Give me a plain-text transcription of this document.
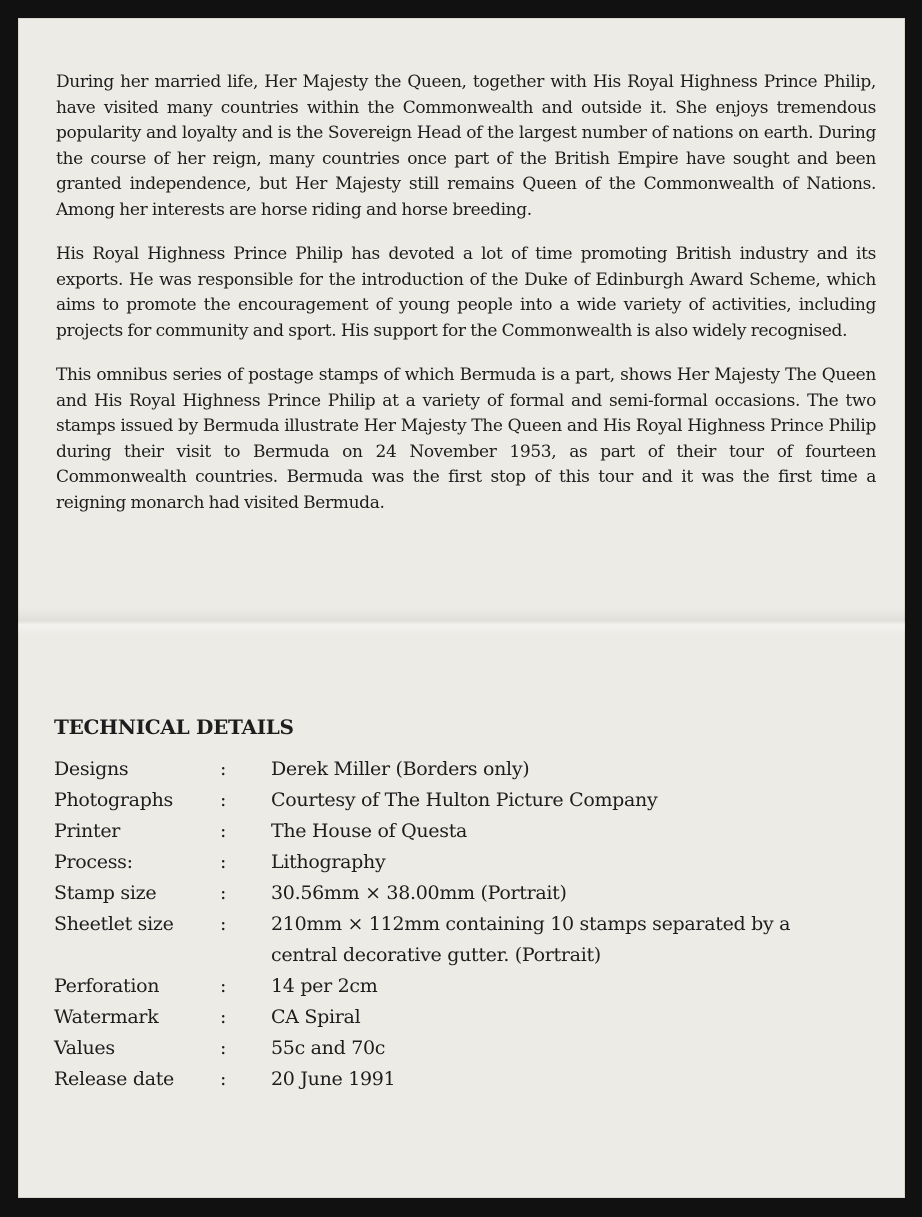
During her married life, Her Majesty the Queen, together with His Royal Highness Prince Philip, have visited many countries within the Commonwealth and outside it. She enjoys tremendous popularity and loyalty and is the Sovereign Head of the largest number of nations on earth. During the course of her reign, many countries once part of the British Empire have sought and been granted independence, but Her Majesty still remains Queen of the Commonwealth of Nations. Among her interests are horse riding and horse breeding.

His Royal Highness Prince Philip has devoted a lot of time promoting British industry and its exports. He was responsible for the introduction of the Duke of Edinburgh Award Scheme, which aims to promote the encouragement of young people into a wide variety of activities, including projects for community and sport. His support for the Commonwealth is also widely recognised.

This omnibus series of postage stamps of which Bermuda is a part, shows Her Majesty The Queen and His Royal Highness Prince Philip at a variety of formal and semi-formal occasions. The two stamps issued by Bermuda illustrate Her Majesty The Queen and His Royal Highness Prince Philip during their visit to Bermuda on 24 November 1953, as part of their tour of fourteen Commonwealth countries. Bermuda was the first stop of this tour and it was the first time a reigning monarch had visited Bermuda.

TECHNICAL DETAILS
Designs	:	Derek Miller (Borders only)
Photographs	:	Courtesy of The Hulton Picture Company
Printer	:	The House of Questa
Process:	:	Lithography
Stamp size	:	30.56mm × 38.00mm (Portrait)
Sheetlet size	:	210mm × 112mm containing 10 stamps separated by a central decorative gutter. (Portrait)
Perforation	:	14 per 2cm
Watermark	:	CA Spiral
Values	:	55c and 70c
Release date	:	20 June 1991
